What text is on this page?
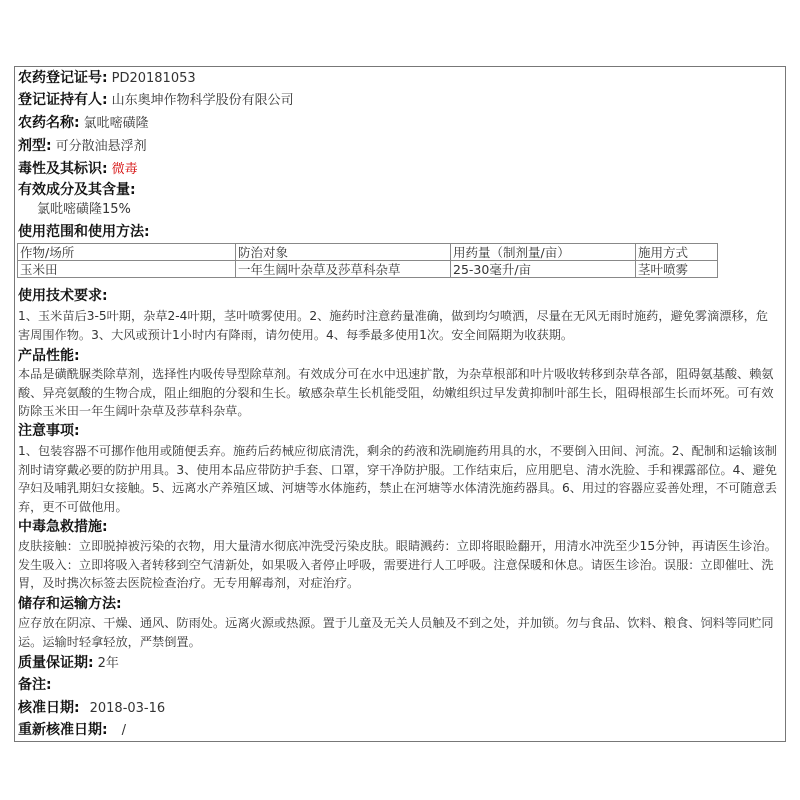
农药登记证号: PD20181053
登记证持有人: 山东奥坤作物科学股份有限公司
农药名称: 氯吡嘧磺隆
剂型: 可分散油悬浮剂
毒性及其标识: 微毒
有效成分及其含量:
氯吡嘧磺隆15%
使用范围和使用方法:
作物/场所	防治对象	用药量（制剂量/亩）	施用方式
玉米田	一年生阔叶杂草及莎草科杂草	25-30毫升/亩	茎叶喷雾
使用技术要求:
1、玉米苗后3-5叶期，杂草2-4叶期，茎叶喷雾使用。2、施药时注意药量准确，做到均匀喷洒，尽量在无风无雨时施药，避免雾滴漂移，危害周围作物。3、大风或预计1小时内有降雨，请勿使用。4、每季最多使用1次。安全间隔期为收获期。
产品性能:
本品是磺酰脲类除草剂，选择性内吸传导型除草剂。有效成分可在水中迅速扩散，为杂草根部和叶片吸收转移到杂草各部，阻碍氨基酸、赖氨酸、异亮氨酸的生物合成，阻止细胞的分裂和生长。敏感杂草生长机能受阻，幼嫩组织过早发黄抑制叶部生长，阻碍根部生长而坏死。可有效防除玉米田一年生阔叶杂草及莎草科杂草。
注意事项:
1、包装容器不可挪作他用或随便丢弃。施药后药械应彻底清洗，剩余的药液和洗刷施药用具的水，不要倒入田间、河流。2、配制和运输该制剂时请穿戴必要的防护用具。3、使用本品应带防护手套、口罩，穿干净防护服。工作结束后，应用肥皂、清水洗脸、手和裸露部位。4、避免孕妇及哺乳期妇女接触。5、远离水产养殖区域、河塘等水体施药，禁止在河塘等水体清洗施药器具。6、用过的容器应妥善处理，不可随意丢弃，更不可做他用。
中毒急救措施:
皮肤接触：立即脱掉被污染的衣物，用大量清水彻底冲洗受污染皮肤。眼睛溅药：立即将眼睑翻开，用清水冲洗至少15分钟，再请医生诊治。发生吸入：立即将吸入者转移到空气清新处，如果吸入者停止呼吸，需要进行人工呼吸。注意保暖和休息。请医生诊治。误服：立即催吐、洗胃，及时携次标签去医院检查治疗。无专用解毒剂，对症治疗。
储存和运输方法:
应存放在阴凉、干燥、通风、防雨处。远离火源或热源。置于儿童及无关人员触及不到之处，并加锁。勿与食品、饮料、粮食、饲料等同贮同运。运输时轻拿轻放，严禁倒置。
质量保证期: 2年
备注:
核准日期: 2018-03-16
重新核准日期: /
